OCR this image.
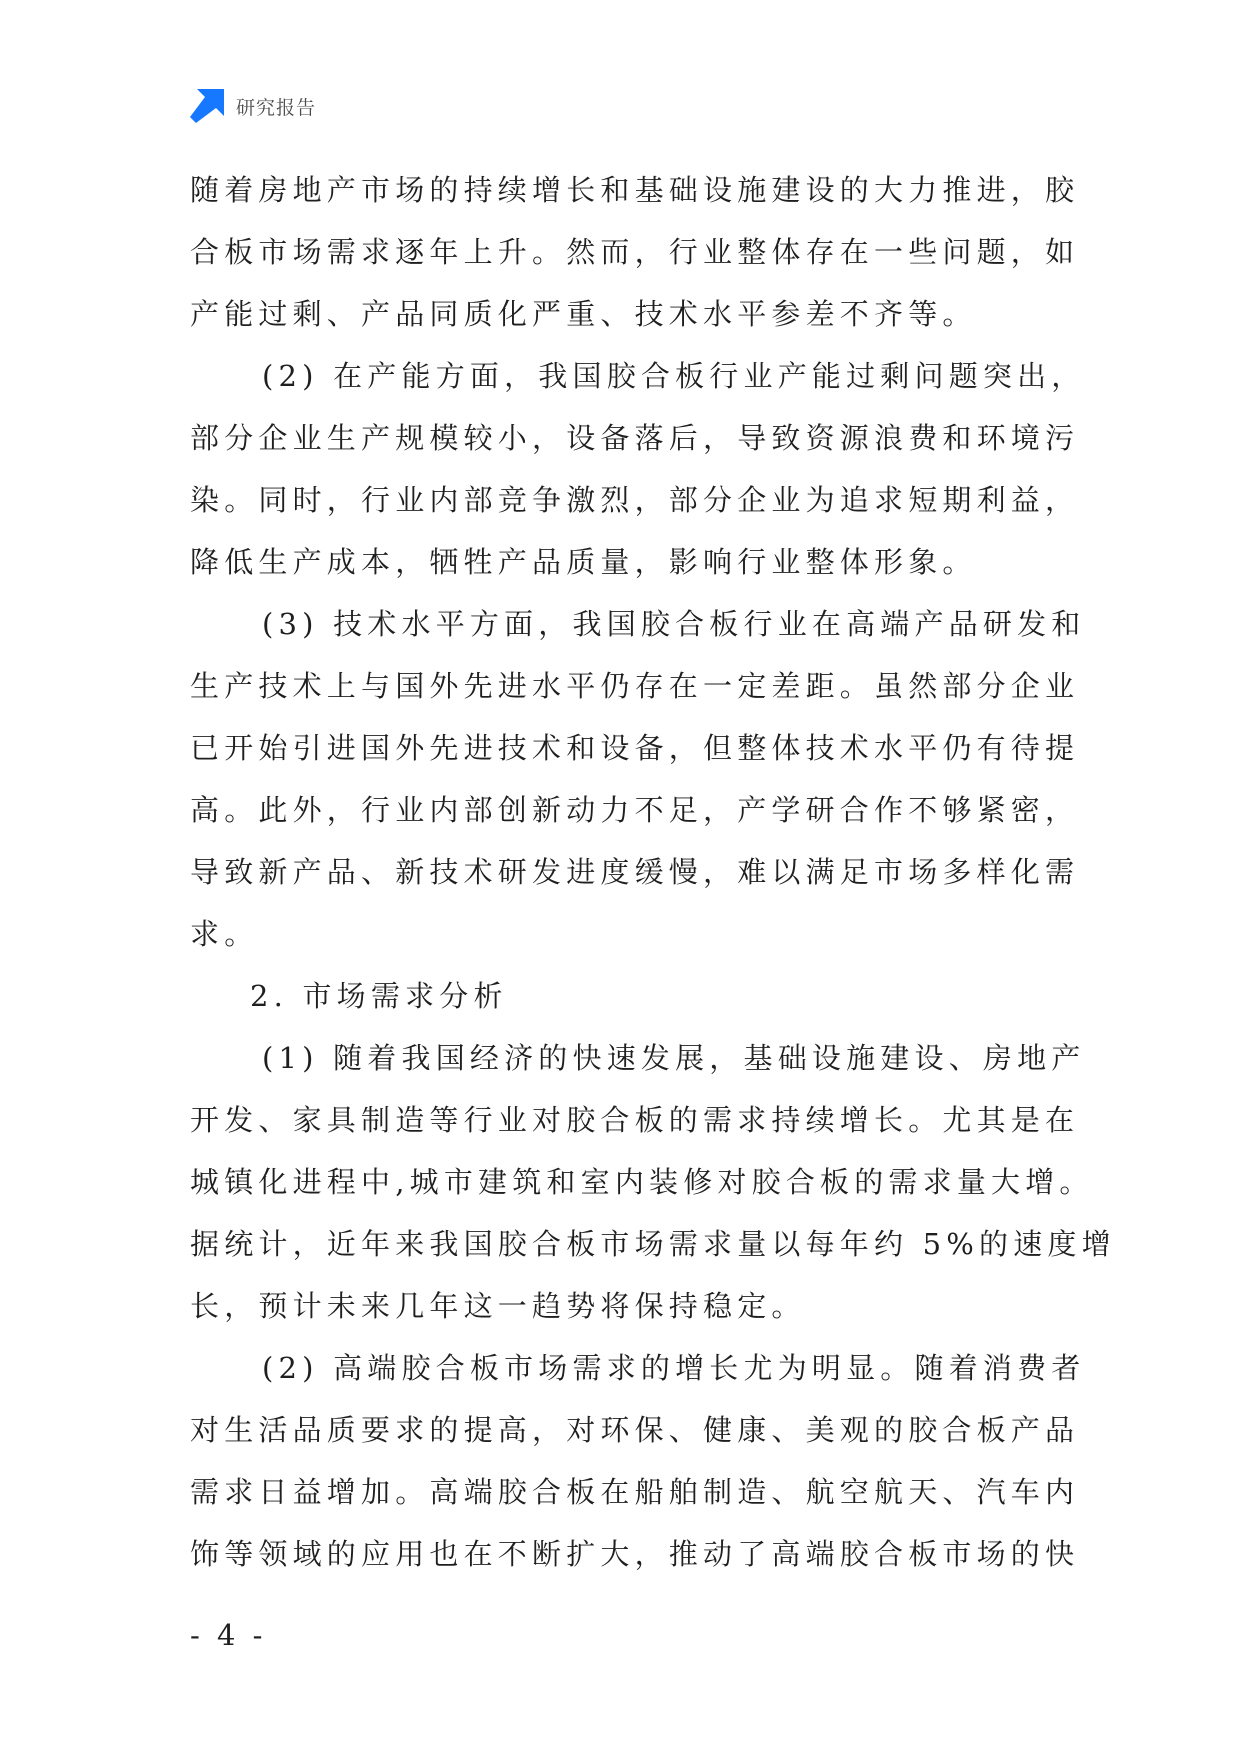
研究报告
随着房地产市场的持续增长和基础设施建设的大力推进，胶
合板市场需求逐年上升。然而，行业整体存在一些问题，如
产能过剩、产品同质化严重、技术水平参差不齐等。
(2) 在产能方面，我国胶合板行业产能过剩问题突出，
部分企业生产规模较小，设备落后，导致资源浪费和环境污
染。同时，行业内部竞争激烈，部分企业为追求短期利益，
降低生产成本，牺牲产品质量，影响行业整体形象。
(3) 技术水平方面，我国胶合板行业在高端产品研发和
生产技术上与国外先进水平仍存在一定差距。虽然部分企业
已开始引进国外先进技术和设备，但整体技术水平仍有待提
高。此外，行业内部创新动力不足，产学研合作不够紧密，
导致新产品、新技术研发进度缓慢，难以满足市场多样化需
求。
2. 市场需求分析
(1) 随着我国经济的快速发展，基础设施建设、房地产
开发、家具制造等行业对胶合板的需求持续增长。尤其是在
城镇化进程中,城市建筑和室内装修对胶合板的需求量大增。
据统计，近年来我国胶合板市场需求量以每年约 5%的速度增
长，预计未来几年这一趋势将保持稳定。
(2) 高端胶合板市场需求的增长尤为明显。随着消费者
对生活品质要求的提高，对环保、健康、美观的胶合板产品
需求日益增加。高端胶合板在船舶制造、航空航天、汽车内
饰等领域的应用也在不断扩大，推动了高端胶合板市场的快
- 4 -
